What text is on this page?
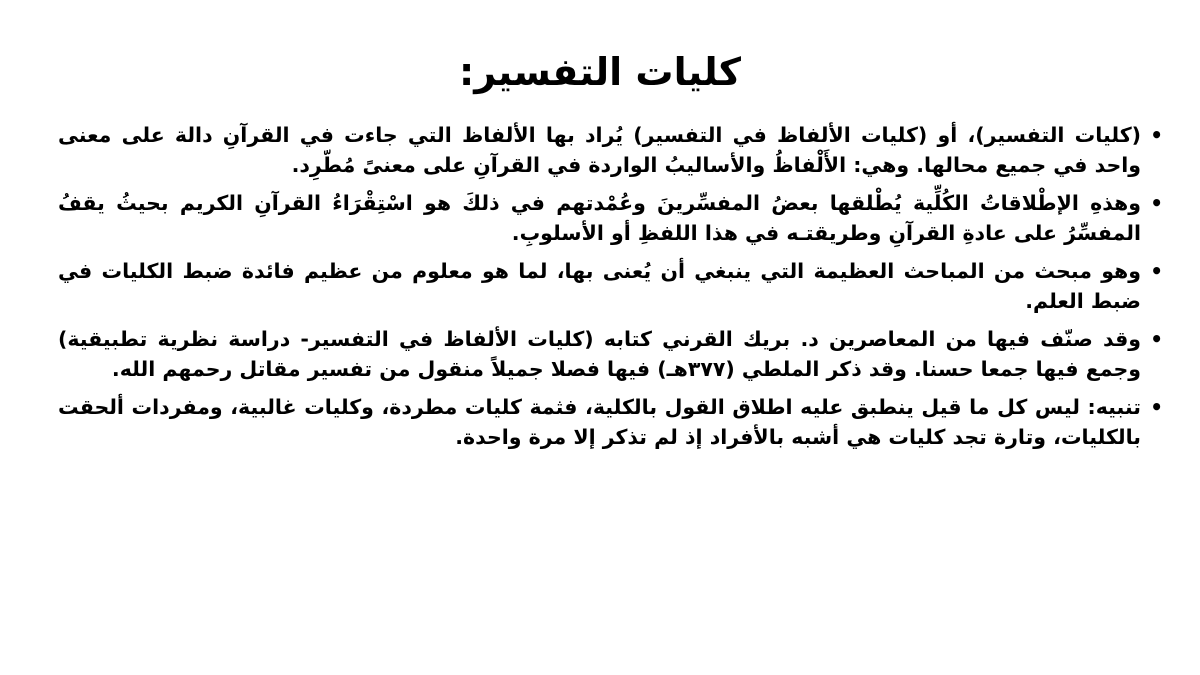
كليات التفسير:
•
(كليات التفسير)، أو (كليات الألفاظ في التفسير) يُراد بها الألفاظ التي جاءت في القرآنِ دالة على معنى واحد في جميع محالها. وهي: الأَلْفاظُ والأساليبُ الواردة في القرآنِ على معنىً مُطّرِد.
•
وهذهِ الإطْلاقاتُ الكُلِّية يُطْلقها بعضُ المفسِّرينَ وعُمْدتهم في ذلكَ هو اسْتِقْرَاءُ القرآنِ الكريم بحيثُ يقفُ المفسِّرُ على عادةِ القرآنِ وطريقتـه في هذا اللفظِ أو الأسلوبِ.
•
وهو مبحث من المباحث العظيمة التي ينبغي أن يُعنى بها، لما هو معلوم من عظيم فائدة ضبط الكليات في ضبط العلم.
•
وقد صنّف فيها من المعاصرين د. بريك القرني كتابه (كليات الألفاظ في التفسير- دراسة نظرية تطبيقية) وجمع فيها جمعا حسنا. وقد ذكر الملطي (٣٧٧هـ) فيها فصلا جميلاً منقول من تفسير مقاتل رحمهم الله.
•
تنبيه: ليس كل ما قيل ينطبق عليه اطلاق القول بالكلية، فثمة كليات مطردة، وكليات غالبية، ومفردات ألحقت بالكليات، وتارة تجد كليات هي أشبه بالأفراد إذ لم تذكر إلا مرة واحدة.
